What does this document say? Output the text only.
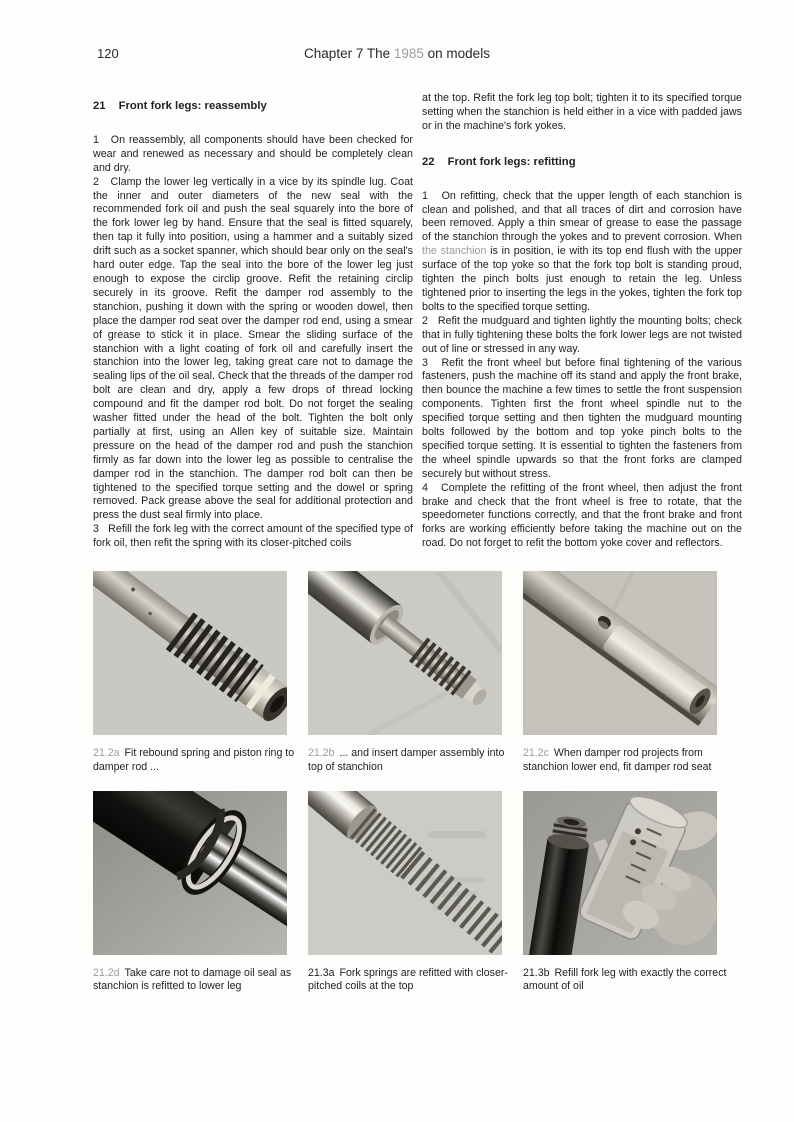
120	Chapter 7 The 1985 on models
21 Front fork legs: reassembly

1   On reassembly, all components should have been checked for wear and renewed as necessary and should be completely clean and dry.

2   Clamp the lower leg vertically in a vice by its spindle lug. Coat the inner and outer diameters of the new seal with the recommended fork oil and push the seal squarely into the bore of the fork lower leg by hand. Ensure that the seal is fitted squarely, then tap it fully into position, using a hammer and a suitably sized drift such as a socket spanner, which should bear only on the seal's hard outer edge. Tap the seal into the bore of the lower leg just enough to expose the circlip groove. Refit the retaining circlip securely in its groove. Refit the damper rod assembly to the stanchion, pushing it down with the spring or wooden dowel, then place the damper rod seat over the damper rod end, using a smear of grease to stick it in place. Smear the sliding surface of the stanchion with a light coating of fork oil and carefully insert the stanchion into the lower leg, taking great care not to damage the sealing lips of the oil seal. Check that the threads of the damper rod bolt are clean and dry, apply a few drops of thread locking compound and fit the damper rod bolt. Do not forget the sealing washer fitted under the head of the bolt. Tighten the bolt only partially at first, using an Allen key of suitable size. Maintain pressure on the head of the damper rod and push the stanchion firmly as far down into the lower leg as possible to centralise the damper rod in the stanchion. The damper rod bolt can then be tightened to the specified torque setting and the dowel or spring removed. Pack grease above the seal for additional protection and press the dust seal firmly into place.

3   Refill the fork leg with the correct amount of the specified type of fork oil, then refit the spring with its closer-pitched coils

at the top. Refit the fork leg top bolt; tighten it to its specified torque setting when the stanchion is held either in a vice with padded jaws or in the machine's fork yokes.

22 Front fork legs: refitting

1   On refitting, check that the upper length of each stanchion is clean and polished, and that all traces of dirt and corrosion have been removed. Apply a thin smear of grease to ease the passage of the stanchion through the yokes and to prevent corrosion. When the stanchion is in position, ie with its top end flush with the upper surface of the top yoke so that the fork top bolt is standing proud, tighten the pinch bolts just enough to retain the leg. Unless tightened prior to inserting the legs in the yokes, tighten the fork top bolts to the specified torque setting.

2   Refit the mudguard and tighten lightly the mounting bolts; check that in fully tightening these bolts the fork lower legs are not twisted out of line or stressed in any way.

3   Refit the front wheel but before final tightening of the various fasteners, push the machine off its stand and apply the front brake, then bounce the machine a few times to settle the front suspension components. Tighten first the front wheel spindle nut to the specified torque setting and then tighten the mudguard mounting bolts followed by the bottom and top yoke pinch bolts to the specified torque setting. It is essential to tighten the fasteners from the wheel spindle upwards so that the front forks are clamped securely but without stress.

4   Complete the refitting of the front wheel, then adjust the front brake and check that the front wheel is free to rotate, that the speedometer functions correctly, and that the front brake and front forks are working efficiently before taking the machine out on the road. Do not forget to refit the bottom yoke cover and reflectors.

21.2a Fit rebound spring and piston ring to damper rod ...
21.2b ... and insert damper assembly into top of stanchion
21.2c When damper rod projects from stanchion lower end, fit damper rod seat
21.2d Take care not to damage oil seal as stanchion is refitted to lower leg
21.3a Fork springs are refitted with closer-pitched coils at the top
21.3b Refill fork leg with exactly the correct amount of oil
